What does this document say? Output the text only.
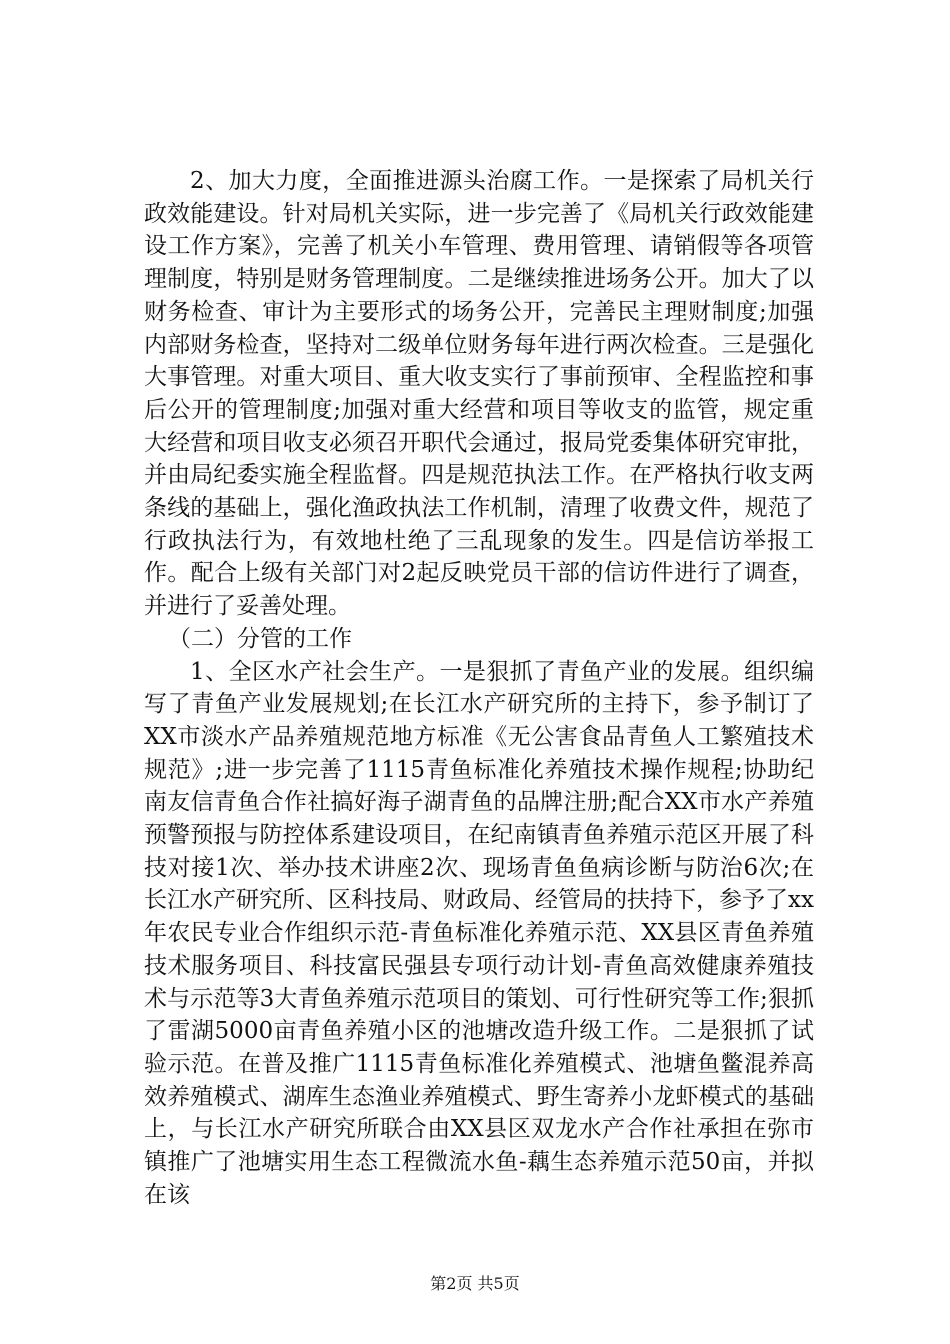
2、加大力度，全面推进源头治腐工作。一是探索了局机关行政效能建设。针对局机关实际，进一步完善了《局机关行政效能建设工作方案》，完善了机关小车管理、费用管理、请销假等各项管理制度，特别是财务管理制度。二是继续推进场务公开。加大了以财务检查、审计为主要形式的场务公开，完善民主理财制度;加强内部财务检查，坚持对二级单位财务每年进行两次检查。三是强化大事管理。对重大项目、重大收支实行了事前预审、全程监控和事后公开的管理制度;加强对重大经营和项目等收支的监管，规定重大经营和项目收支必须召开职代会通过，报局党委集体研究审批，并由局纪委实施全程监督。四是规范执法工作。在严格执行收支两条线的基础上，强化渔政执法工作机制，清理了收费文件，规范了行政执法行为，有效地杜绝了三乱现象的发生。四是信访举报工作。配合上级有关部门对2起反映党员干部的信访件进行了调查，并进行了妥善处理。

（二）分管的工作

1、全区水产社会生产。一是狠抓了青鱼产业的发展。组织编写了青鱼产业发展规划;在长江水产研究所的主持下，参予制订了XX市淡水产品养殖规范地方标准《无公害食品青鱼人工繁殖技术规范》;进一步完善了1115青鱼标准化养殖技术操作规程;协助纪南友信青鱼合作社搞好海子湖青鱼的品牌注册;配合XX市水产养殖预警预报与防控体系建设项目，在纪南镇青鱼养殖示范区开展了科技对接1次、举办技术讲座2次、现场青鱼鱼病诊断与防治6次;在长江水产研究所、区科技局、财政局、经管局的扶持下，参予了xx年农民专业合作组织示范-青鱼标准化养殖示范、XX县区青鱼养殖技术服务项目、科技富民强县专项行动计划-青鱼高效健康养殖技术与示范等3大青鱼养殖示范项目的策划、可行性研究等工作;狠抓了雷湖5000亩青鱼养殖小区的池塘改造升级工作。二是狠抓了试验示范。在普及推广1115青鱼标准化养殖模式、池塘鱼鳖混养高效养殖模式、湖库生态渔业养殖模式、野生寄养小龙虾模式的基础上，与长江水产研究所联合由XX县区双龙水产合作社承担在弥市镇推广了池塘实用生态工程微流水鱼-藕生态养殖示范50亩，并拟在该

第2页 共5页
